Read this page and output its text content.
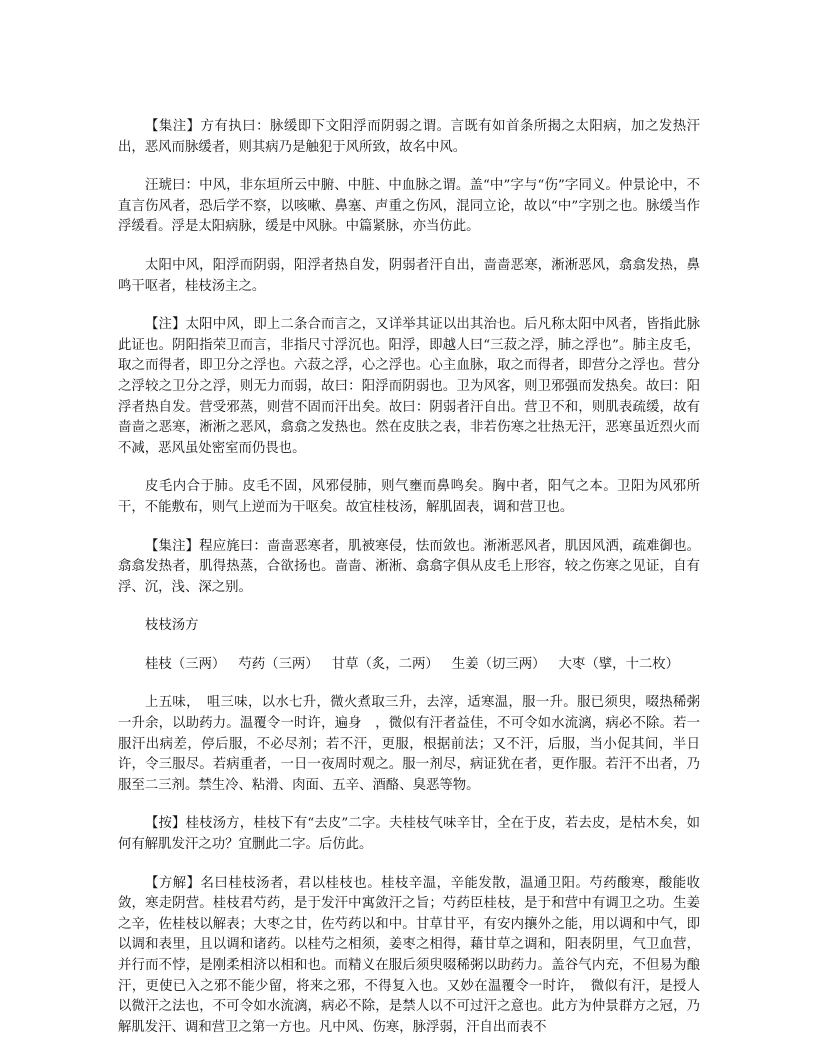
【集注】方有执曰：脉缓即下文阳浮而阴弱之谓。言既有如首条所揭之太阳病，加之发热汗出，恶风而脉缓者，则其病乃是触犯于风所致，故名中风。

汪琥曰：中风，非东垣所云中腑、中脏、中血脉之谓。盖“中”字与“伤”字同义。仲景论中，不直言伤风者，恐后学不察，以咳嗽、鼻塞、声重之伤风，混同立论，故以“中”字别之也。脉缓当作浮缓看。浮是太阳病脉，缓是中风脉。中篇紧脉，亦当仿此。

太阳中风，阳浮而阴弱，阳浮者热自发，阴弱者汗自出，啬啬恶寒，淅淅恶风，翕翕发热，鼻鸣干呕者，桂枝汤主之。

【注】太阳中风，即上二条合而言之，又详举其证以出其治也。后凡称太阳中风者，皆指此脉此证也。阴阳指荣卫而言，非指尺寸浮沉也。阳浮，即越人曰“三菽之浮，肺之浮也”。肺主皮毛，取之而得者，即卫分之浮也。六菽之浮，心之浮也。心主血脉，取之而得者，即营分之浮也。营分之浮较之卫分之浮，则无力而弱，故曰：阳浮而阴弱也。卫为风客，则卫邪强而发热矣。故曰：阳浮者热自发。营受邪蒸，则营不固而汗出矣。故曰：阴弱者汗自出。营卫不和，则肌表疏缓，故有啬啬之恶寒，淅淅之恶风，翕翕之发热也。然在皮肤之表，非若伤寒之壮热无汗，恶寒虽近烈火而不减，恶风虽处密室而仍畏也。

皮毛内合于肺。皮毛不固，风邪侵肺，则气壅而鼻鸣矣。胸中者，阳气之本。卫阳为风邪所干，不能敷布，则气上逆而为干呕矣。故宜桂枝汤，解肌固表，调和营卫也。

【集注】程应旄曰：啬啬恶寒者，肌被寒侵，怯而敛也。淅淅恶风者，肌因风洒，疏难御也。翕翕发热者，肌得热蒸，合欲扬也。啬啬、淅淅、翕翕字俱从皮毛上形容，较之伤寒之见证，自有浮、沉，浅、深之别。

枝枝汤方

桂枝（三两） 芍药（三两） 甘草（炙，二两） 生姜（切三两） 大枣（擘，十二枚）

上五味，　咀三味，以水七升，微火煮取三升，去滓，适寒温，服一升。服已须臾，啜热稀粥一升余，以助药力。温覆令一时许，遍身　，微似有汗者益佳，不可令如水流漓，病必不除。若一服汗出病差，停后服，不必尽剂；若不汗，更服，根据前法；又不汗，后服，当小促其间，半日许，令三服尽。若病重者，一日一夜周时观之。服一剂尽，病证犹在者，更作服。若汗不出者，乃服至二三剂。禁生冷、粘滑、肉面、五辛、酒酪、臭恶等物。

【按】桂枝汤方，桂枝下有“去皮”二字。夫桂枝气味辛甘，全在于皮，若去皮，是枯木矣，如何有解肌发汗之功？宜删此二字。后仿此。

【方解】名曰桂枝汤者，君以桂枝也。桂枝辛温，辛能发散，温通卫阳。芍药酸寒，酸能收敛，寒走阴营。桂枝君芍药，是于发汗中寓敛汗之旨；芍药臣桂枝，是于和营中有调卫之功。生姜之辛，佐桂枝以解表；大枣之甘，佐芍药以和中。甘草甘平，有安内攘外之能，用以调和中气，即以调和表里，且以调和诸药。以桂芍之相须，姜枣之相得，藉甘草之调和，阳表阴里，气卫血营，并行而不悖，是刚柔相济以相和也。而精义在服后须臾啜稀粥以助药力。盖谷气内充，不但易为酿汗，更使已入之邪不能少留，将来之邪，不得复入也。又妙在温覆令一时许，　微似有汗，是授人以微汗之法也，不可令如水流漓，病必不除，是禁人以不可过汗之意也。此方为仲景群方之冠，乃解肌发汗、调和营卫之第一方也。凡中风、伤寒，脉浮弱，汗自出而表不
